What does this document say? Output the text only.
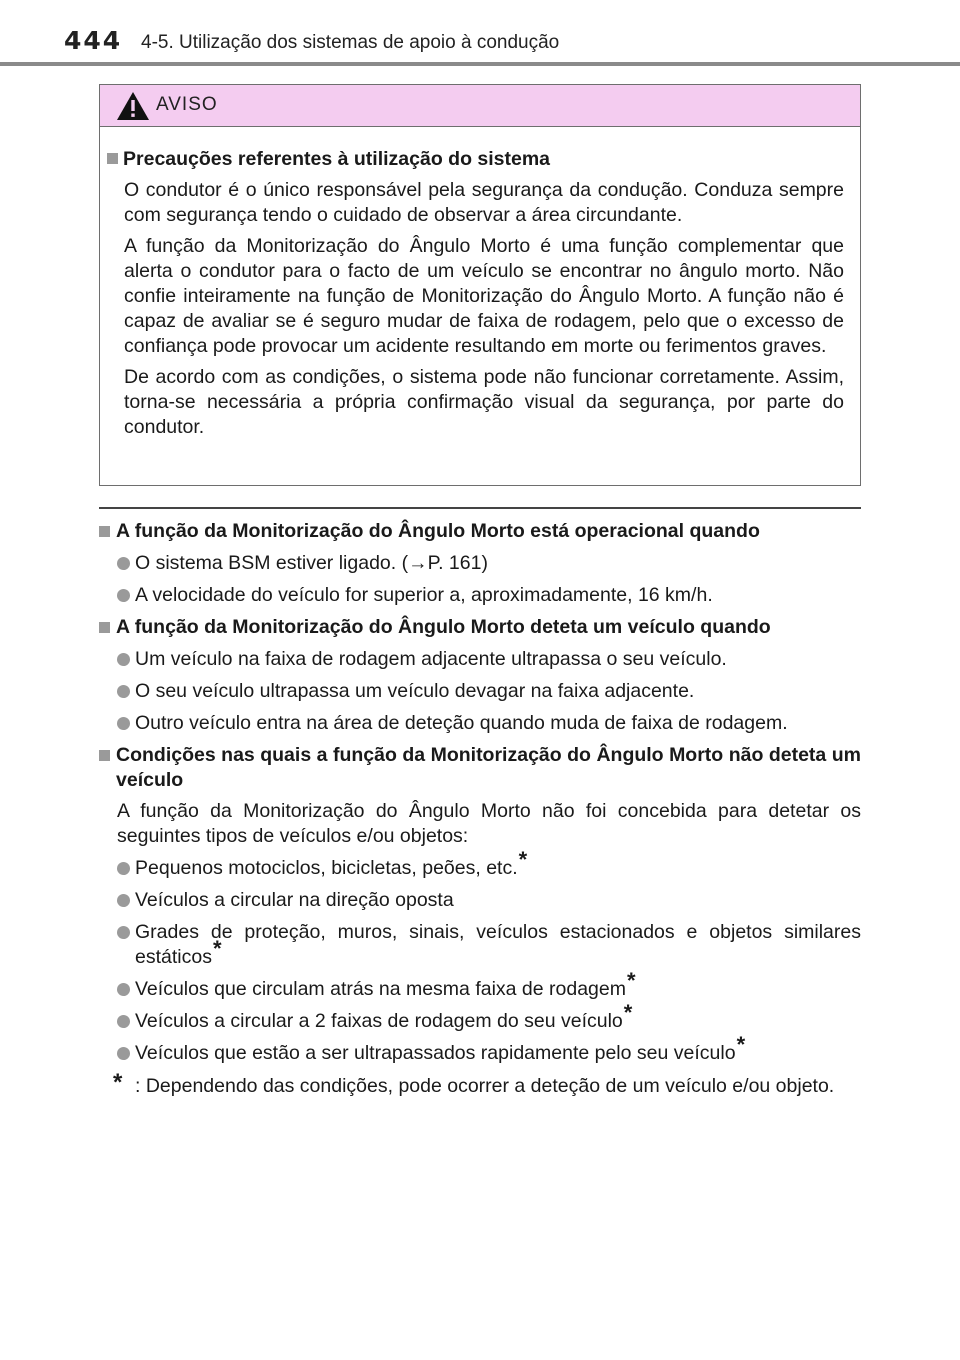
444 4-5. Utilização dos sistemas de apoio à condução
AVISO
Precauções referentes à utilização do sistema
O condutor é o único responsável pela segurança da condução. Conduza sempre com segurança tendo o cuidado de observar a área circundante.
A função da Monitorização do Ângulo Morto é uma função complementar que alerta o condutor para o facto de um veículo se encontrar no ângulo morto. Não confie inteiramente na função de Monitorização do Ângulo Morto. A função não é capaz de avaliar se é seguro mudar de faixa de rodagem, pelo que o excesso de confiança pode provocar um acidente resultando em morte ou ferimentos graves.
De acordo com as condições, o sistema pode não funcionar corretamente. Assim, torna-se necessária a própria confirmação visual da segurança, por parte do condutor.
A função da Monitorização do Ângulo Morto está operacional quando
O sistema BSM estiver ligado. (→P. 161)
A velocidade do veículo for superior a, aproximadamente, 16 km/h.
A função da Monitorização do Ângulo Morto deteta um veículo quando
Um veículo na faixa de rodagem adjacente ultrapassa o seu veículo.
O seu veículo ultrapassa um veículo devagar na faixa adjacente.
Outro veículo entra na área de deteção quando muda de faixa de rodagem.
Condições nas quais a função da Monitorização do Ângulo Morto não deteta um veículo
A função da Monitorização do Ângulo Morto não foi concebida para detetar os seguintes tipos de veículos e/ou objetos:
Pequenos motociclos, bicicletas, peões, etc.*
Veículos a circular na direção oposta
Grades de proteção, muros, sinais, veículos estacionados e objetos similares estáticos*
Veículos que circulam atrás na mesma faixa de rodagem*
Veículos a circular a 2 faixas de rodagem do seu veículo*
Veículos que estão a ser ultrapassados rapidamente pelo seu veículo*
* : Dependendo das condições, pode ocorrer a deteção de um veículo e/ou objeto.
